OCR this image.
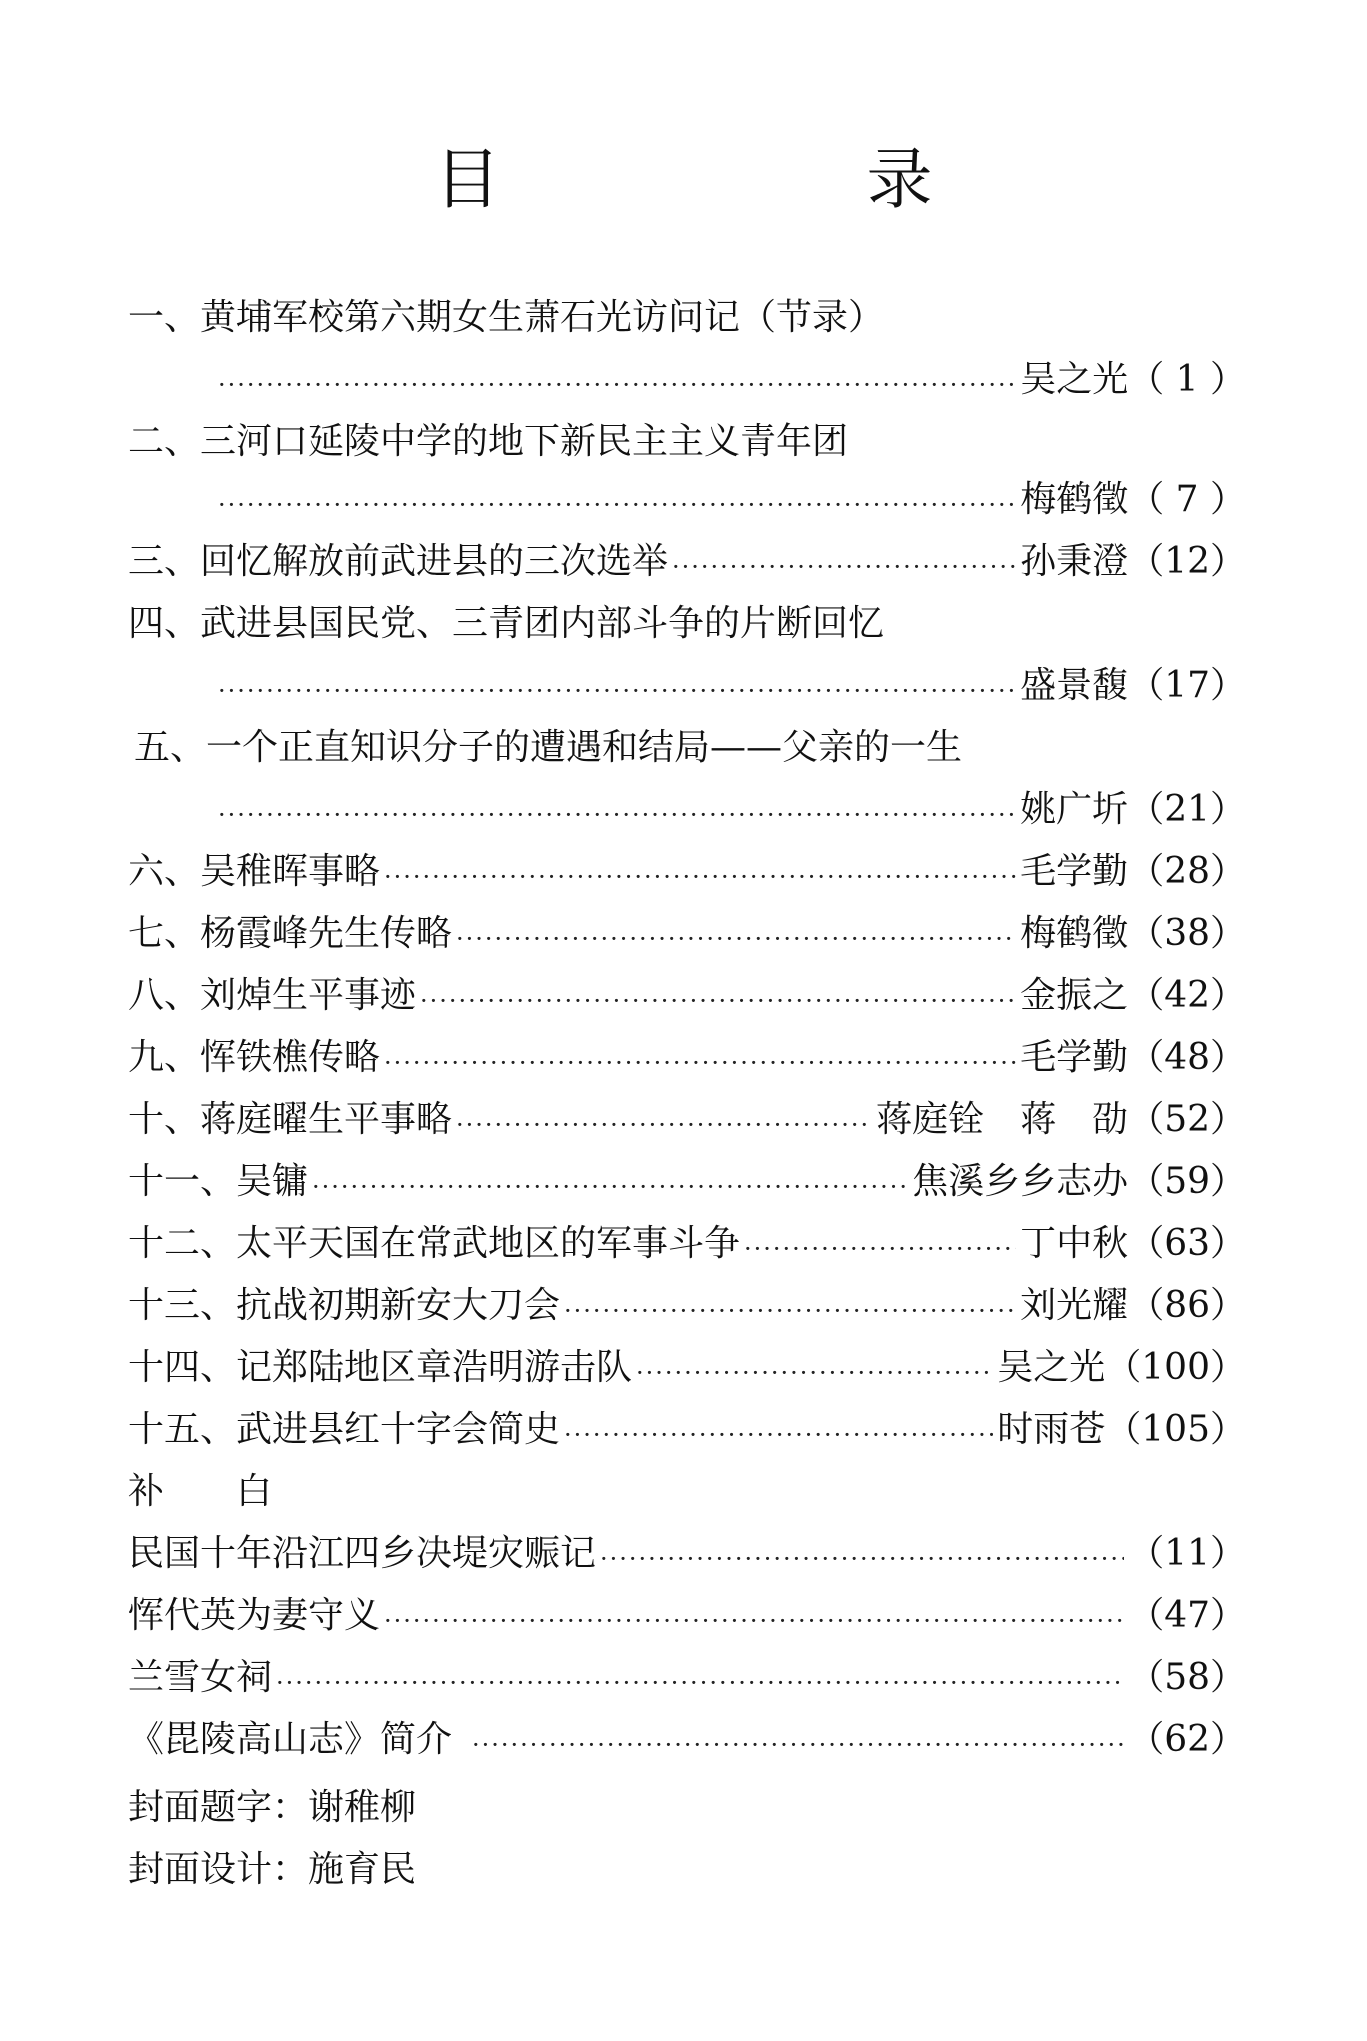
目　录
一、 黄埔军校第六期女生萧石光访问记（节录）
·····
吴之光 （ 1 ）
二、 三河口延陵中学的地下新民主主义青年团
·····
梅鹤徵 （ 7 ）
三、 回忆解放前武进县的三次选举 ·····	孙秉澄 （12）
四、 武进县国民党、三青团内部斗争的片断回忆
·····
盛景馥 （17）
五、 一个正直知识分子的遭遇和结局——父亲的一生
·····
姚广圻 （21）
六、 吴稚晖事略 ·····	毛学勤 （28）
七、 杨霞峰先生传略 ·····	梅鹤徵 （38）
八、 刘焯生平事迹 ·····	金振之 （42）
九、 恽铁樵传略 ·····	毛学勤 （48）
十、 蒋庭曜生平事略 ·····	蒋庭铨　蒋　劭 （52）
十一、 吴镛 ·····	焦溪乡乡志办 （59）
十二、 太平天国在常武地区的军事斗争 ·····	丁中秋 （63）
十三、 抗战初期新安大刀会 ·····	刘光耀 （86）
十四、 记郑陆地区章浩明游击队 ·····	吴之光 （100）
十五、 武进县红十字会简史 ·····	时雨苍 （105）
补白
民国十年沿江四乡决堤灾赈记 ·····	（11）
恽代英为妻守义 ·····	（47）
兰雪女祠 ·····	（58）
《毘陵高山志》简介 ·····	（62）
封面题字：谢稚柳
封面设计：施育民
